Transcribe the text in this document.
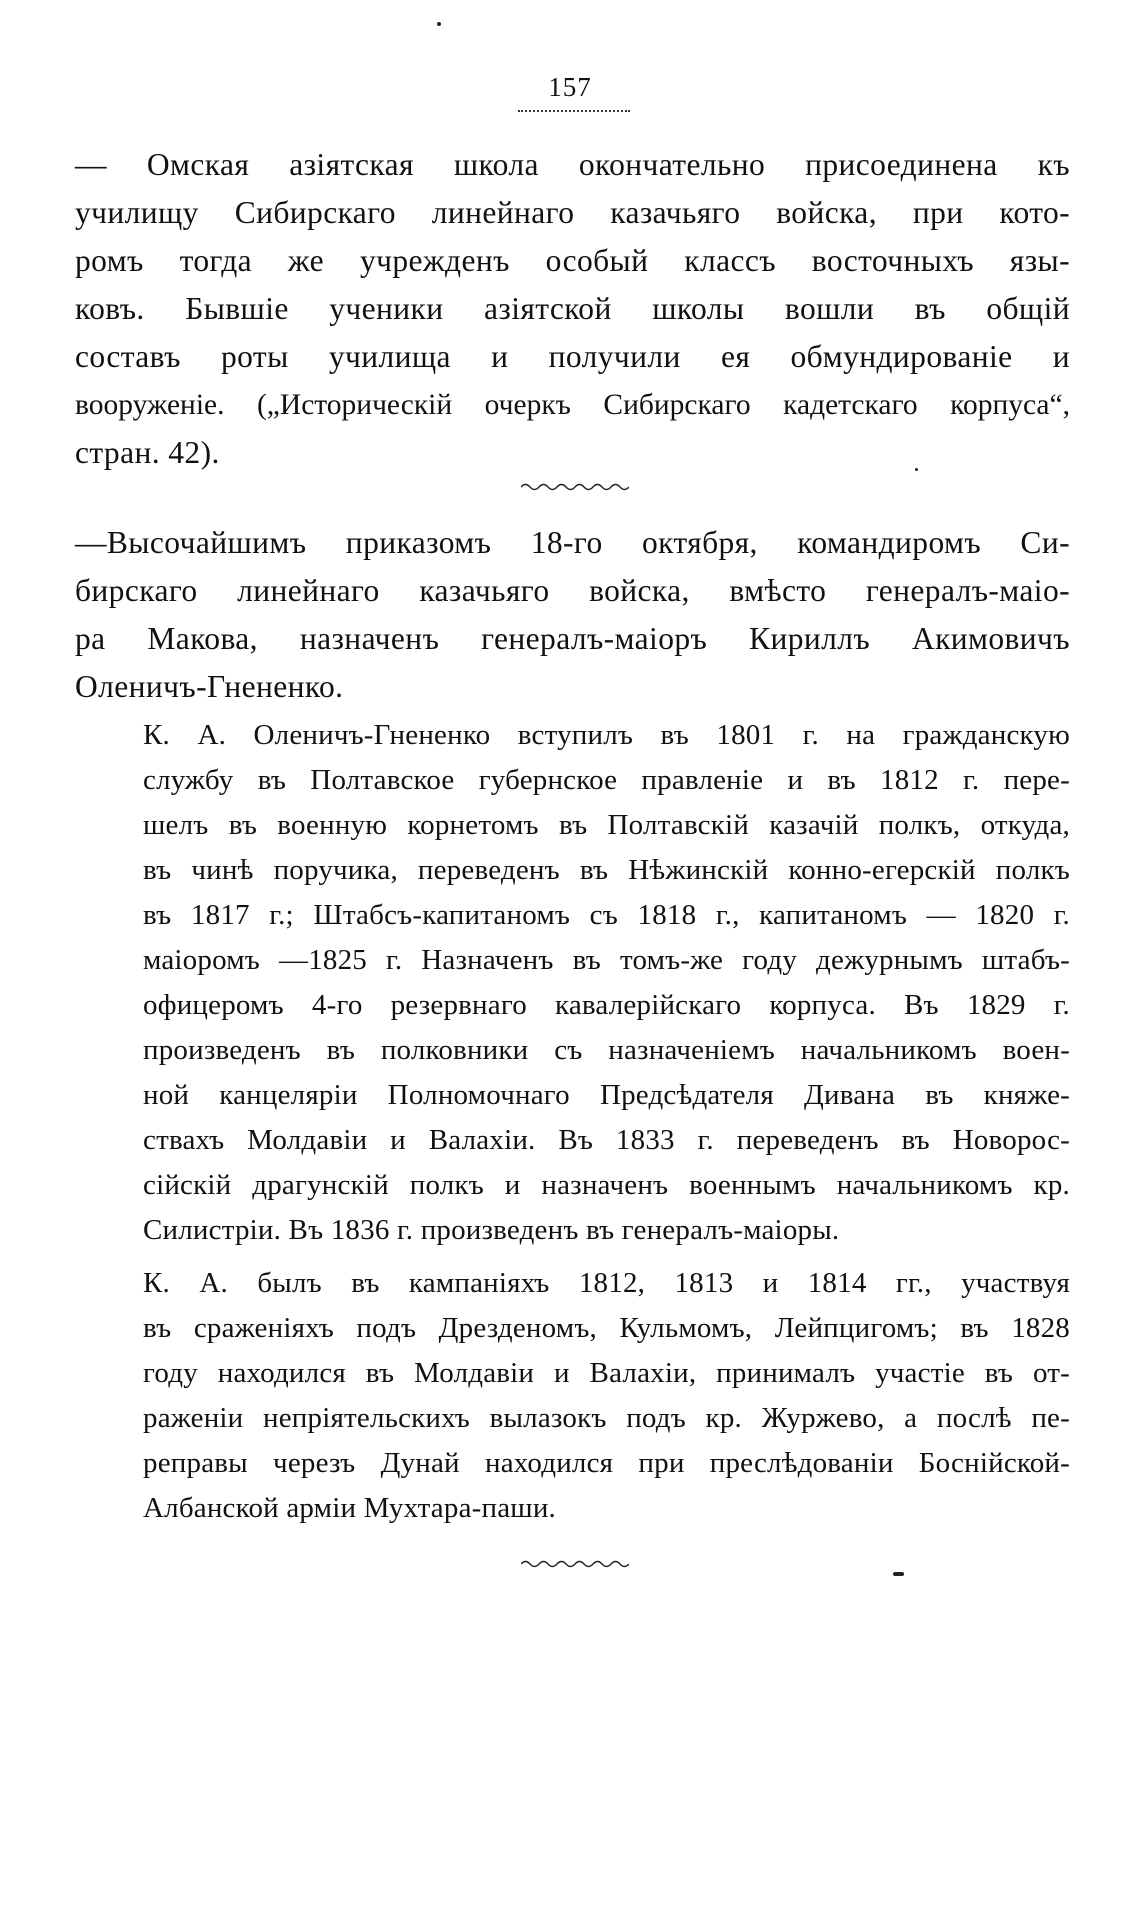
157
— Омская азіятская школа окончательно присоединена къ
училищу Сибирскаго линейнаго казачьяго войска, при кото-
ромъ тогда же учрежденъ особый классъ восточныхъ язы-
ковъ. Бывшіе ученики азіятской школы вошли въ общій
составъ роты училища и получили ея обмундированіе и
вооруженіе. („Историческій очеркъ Сибирскаго кадетскаго корпуса“,
стран. 42).
—Высочайшимъ приказомъ 18-го октября, командиромъ Си-
бирскаго линейнаго казачьяго войска, вмѣсто генералъ-маіо-
ра Макова, назначенъ генералъ-маіоръ Кириллъ Акимовичъ
Оленичъ-Гнененко.
К. А. Оленичъ-Гнененко вступилъ въ 1801 г. на гражданскую
службу въ Полтавское губернское правленіе и въ 1812 г. пере-
шелъ въ военную корнетомъ въ Полтавскій казачій полкъ, откуда,
въ чинѣ поручика, переведенъ въ Нѣжинскій конно-егерскій полкъ
въ 1817 г.; Штабсъ-капитаномъ съ 1818 г., капитаномъ — 1820 г.
маіоромъ —1825 г. Назначенъ въ томъ-же году дежурнымъ штабъ-
офицеромъ 4-го резервнаго кавалерійскаго корпуса. Въ 1829 г.
произведенъ въ полковники съ назначеніемъ начальникомъ воен-
ной канцеляріи Полномочнаго Предсѣдателя Дивана въ княже-
ствахъ Молдавіи и Валахіи. Въ 1833 г. переведенъ въ Новорос-
сійскій драгунскій полкъ и назначенъ военнымъ начальникомъ кр.
Силистріи. Въ 1836 г. произведенъ въ генералъ-маіоры.
К. А. былъ въ кампаніяхъ 1812, 1813 и 1814 гг., участвуя
въ сраженіяхъ подъ Дрезденомъ, Кульмомъ, Лейпцигомъ; въ 1828
году находился въ Молдавіи и Валахіи, принималъ участіе въ от-
раженіи непріятельскихъ вылазокъ подъ кр. Журжево, а послѣ пе-
реправы черезъ Дунай находился при преслѣдованіи Боснійской-
Албанской арміи Мухтара-паши.
